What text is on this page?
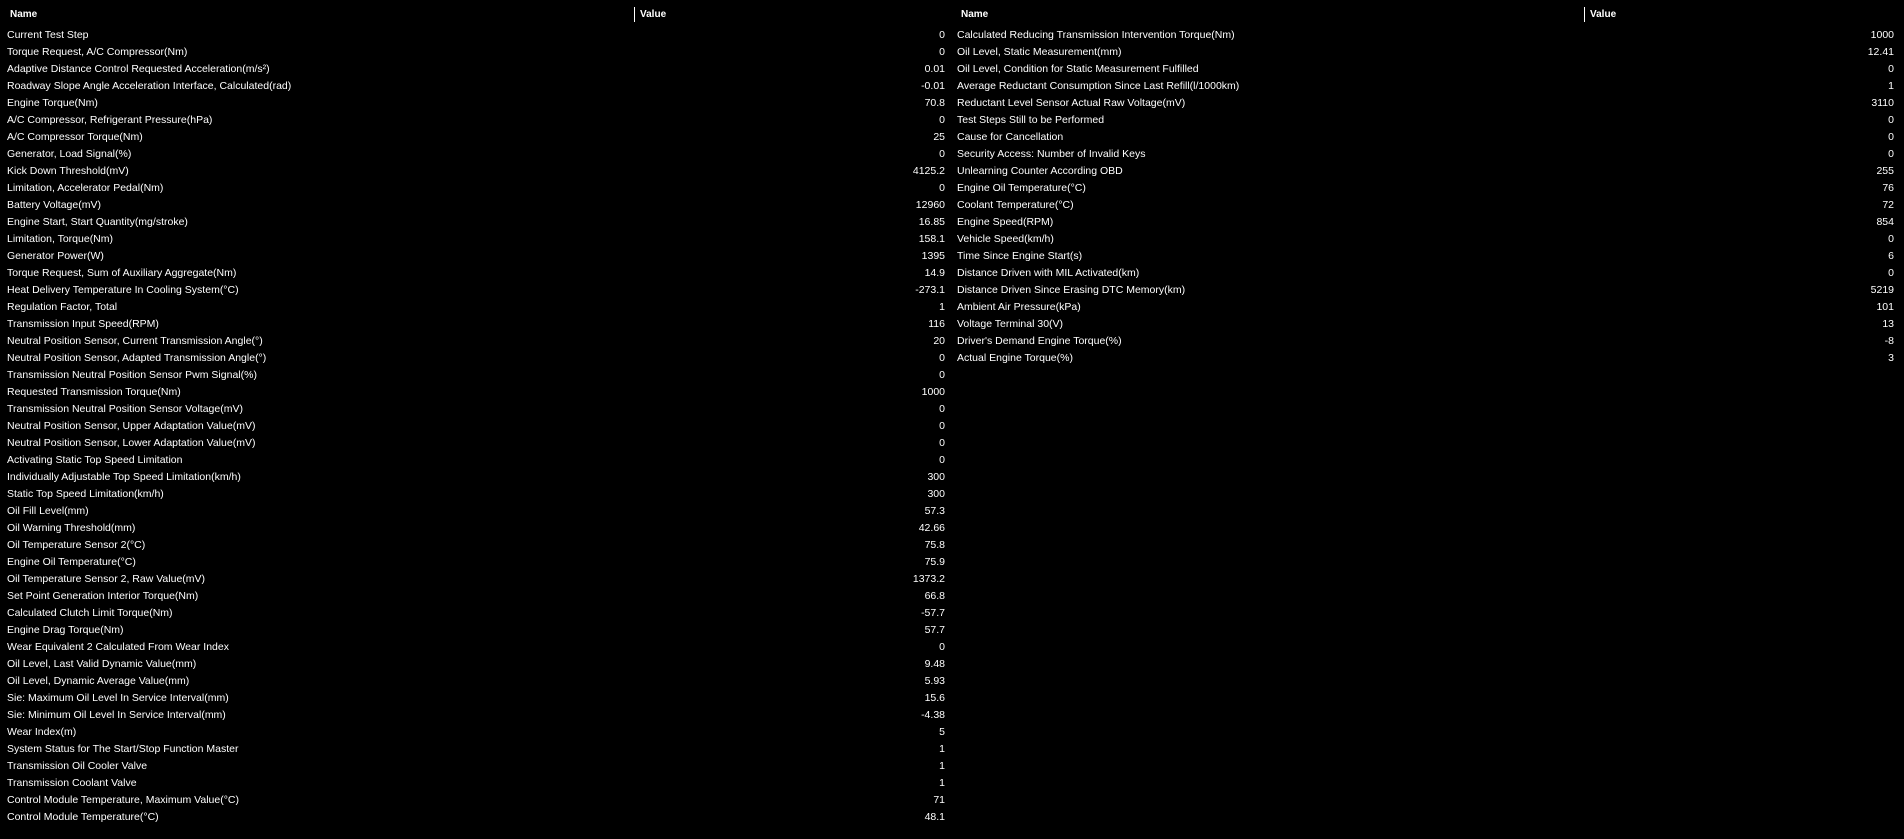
Name	Value
Current Test Step	0
Torque Request, A/C Compressor(Nm)	0
Adaptive Distance Control Requested Acceleration(m/s²)	0.01
Roadway Slope Angle Acceleration Interface, Calculated(rad)	-0.01
Engine Torque(Nm)	70.8
A/C Compressor, Refrigerant Pressure(hPa)	0
A/C Compressor Torque(Nm)	25
Generator, Load Signal(%)	0
Kick Down Threshold(mV)	4125.2
Limitation, Accelerator Pedal(Nm)	0
Battery Voltage(mV)	12960
Engine Start, Start Quantity(mg/stroke)	16.85
Limitation, Torque(Nm)	158.1
Generator Power(W)	1395
Torque Request, Sum of Auxiliary Aggregate(Nm)	14.9
Heat Delivery Temperature In Cooling System(°C)	-273.1
Regulation Factor, Total	1
Transmission Input Speed(RPM)	116
Neutral Position Sensor, Current Transmission Angle(°)	20
Neutral Position Sensor, Adapted Transmission Angle(°)	0
Transmission Neutral Position Sensor Pwm Signal(%)	0
Requested Transmission Torque(Nm)	1000
Transmission Neutral Position Sensor Voltage(mV)	0
Neutral Position Sensor, Upper Adaptation Value(mV)	0
Neutral Position Sensor, Lower Adaptation Value(mV)	0
Activating Static Top Speed Limitation	0
Individually Adjustable Top Speed Limitation(km/h)	300
Static Top Speed Limitation(km/h)	300
Oil Fill Level(mm)	57.3
Oil Warning Threshold(mm)	42.66
Oil Temperature Sensor 2(°C)	75.8
Engine Oil Temperature(°C)	75.9
Oil Temperature Sensor 2, Raw Value(mV)	1373.2
Set Point Generation Interior Torque(Nm)	66.8
Calculated Clutch Limit Torque(Nm)	-57.7
Engine Drag Torque(Nm)	57.7
Wear Equivalent 2 Calculated From Wear Index	0
Oil Level, Last Valid Dynamic Value(mm)	9.48
Oil Level, Dynamic Average Value(mm)	5.93
Sie: Maximum Oil Level In Service Interval(mm)	15.6
Sie: Minimum Oil Level In Service Interval(mm)	-4.38
Wear Index(m)	5
System Status for The Start/Stop Function Master	1
Transmission Oil Cooler Valve	1
Transmission Coolant Valve	1
Control Module Temperature, Maximum Value(°C)	71
Control Module Temperature(°C)	48.1
Name	Value
Calculated Reducing Transmission Intervention Torque(Nm)	1000
Oil Level, Static Measurement(mm)	12.41
Oil Level, Condition for Static Measurement Fulfilled	0
Average Reductant Consumption Since Last Refill(l/1000km)	1
Reductant Level Sensor Actual Raw Voltage(mV)	3110
Test Steps Still to be Performed	0
Cause for Cancellation	0
Security Access: Number of Invalid Keys	0
Unlearning Counter According OBD	255
Engine Oil Temperature(°C)	76
Coolant Temperature(°C)	72
Engine Speed(RPM)	854
Vehicle Speed(km/h)	0
Time Since Engine Start(s)	6
Distance Driven with MIL Activated(km)	0
Distance Driven Since Erasing DTC Memory(km)	5219
Ambient Air Pressure(kPa)	101
Voltage Terminal 30(V)	13
Driver's Demand Engine Torque(%)	-8
Actual Engine Torque(%)	3
